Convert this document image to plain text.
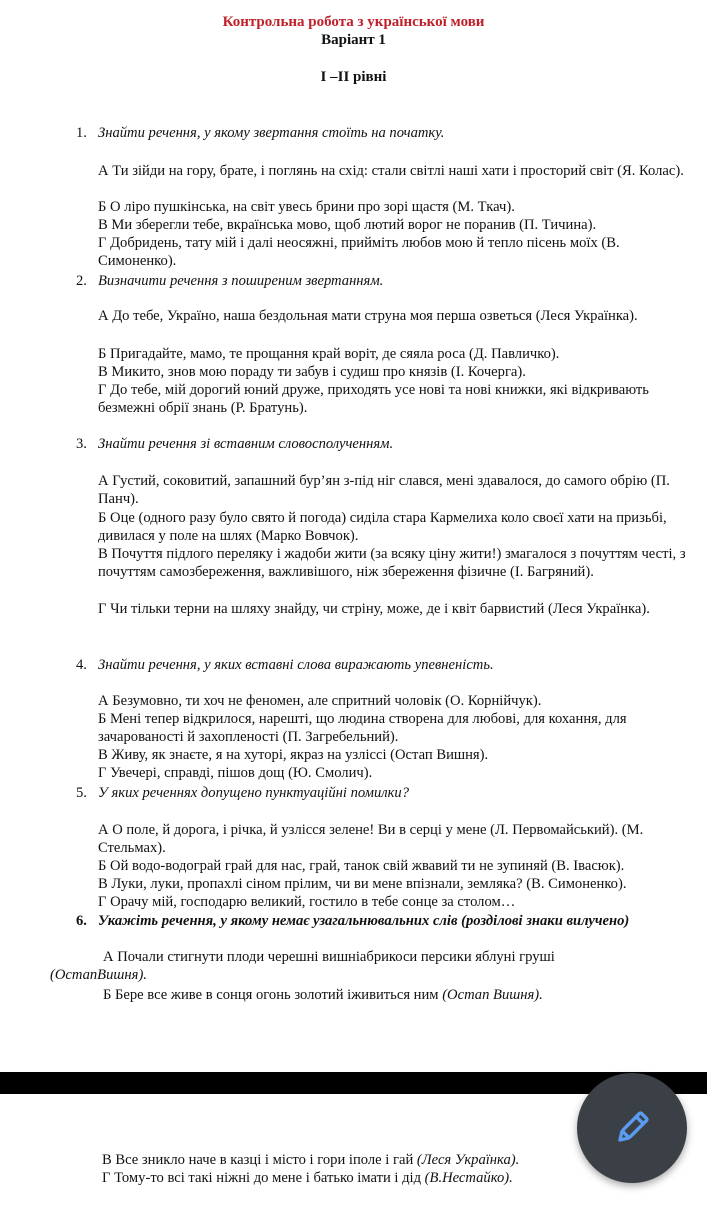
Контрольна робота з української мови
Варіант 1
I –II рівні
1. Знайти речення, у якому звертання стоїть на початку.
А Ти зійди на гору, брате, і поглянь на схід: стали світлі наші хати і просторий світ (Я. Колас).
Б О ліро пушкінська, на світ увесь брини про зорі щастя (М. Ткач).
В Ми зберегли тебе, вкраїнська мово, щоб лютий ворог не поранив (П. Тичина).
Г Добридень, тату мій і далі неосяжні, прийміть любов мою й тепло пісень моїх (В. Симоненко).
2. Визначити речення з поширеним звертанням.
А До тебе, Україно, наша бездольная мати струна моя перша озветься (Леся Українка).
Б Пригадайте, мамо, те прощання край воріт, де сяяла роса (Д. Павличко).
В Микито, знов мою пораду ти забув і судиш про князів (І. Кочерга).
Г До тебе, мій дорогий юний друже, приходять усе нові та нові книжки, які відкривають безмежні обрії знань (Р. Братунь).
3. Знайти речення зі вставним словосполученням.
А Густий, соковитий, запашний бур’ян з-під ніг слався, мені здавалося, до самого обрію (П. Панч).
Б Оце (одного разу було свято й погода) сиділа стара Кармелиха коло своєї хати на призьбі, дивилася у поле на шлях (Марко Вовчок).
В Почуття підлого переляку і жадоби жити (за всяку ціну жити!) змагалося з почуттям честі, з почуттям самозбереження, важливішого, ніж збереження фізичне (І. Багряний).
Г Чи тільки терни на шляху знайду, чи стріну, може, де і квіт барвистий (Леся Українка).
4. Знайти речення, у яких вставні слова виражають упевненість.
А Безумовно, ти хоч не феномен, але спритний чоловік (О. Корнійчук).
Б Мені тепер відкрилося, нарешті, що людина створена для любові, для кохання, для зачарованості й захопленості (П. Загребельний).
В Живу, як знаєте, я на хуторі, якраз на узліссі (Остап Вишня).
Г Увечері, справді, пішов дощ (Ю. Смолич).
5. У яких реченнях допущено пунктуаційні помилки?
А О поле, й дорога, і річка, й узлісся зелене! Ви в серці у мене (Л. Первомайський). (М. Стельмах).
Б Ой водо-водограй грай для нас, грай, танок свій жвавий ти не зупиняй (В. Івасюк).
В Луки, луки, пропахлі сіном прілим, чи ви мене впізнали, земляка? (В. Симоненко).
Г Орачу мій, господарю великий, гостило в тебе сонце за столом…
6. Укажіть речення, у якому немає узагальнювальних слів (розділові знаки вилучено)
А Почали стигнути плоди черешні вишніабрикоси персики яблуні груші
(ОстапВишня).
Б Бере все живе в сонця огонь золотий іживиться ним (Остап Вишня).
В Все зникло наче в казці і місто і гори іполе і гай (Леся Українка).
Г Тому-то всі такі ніжні до мене і батько імати і дід (В.Нестайко).
